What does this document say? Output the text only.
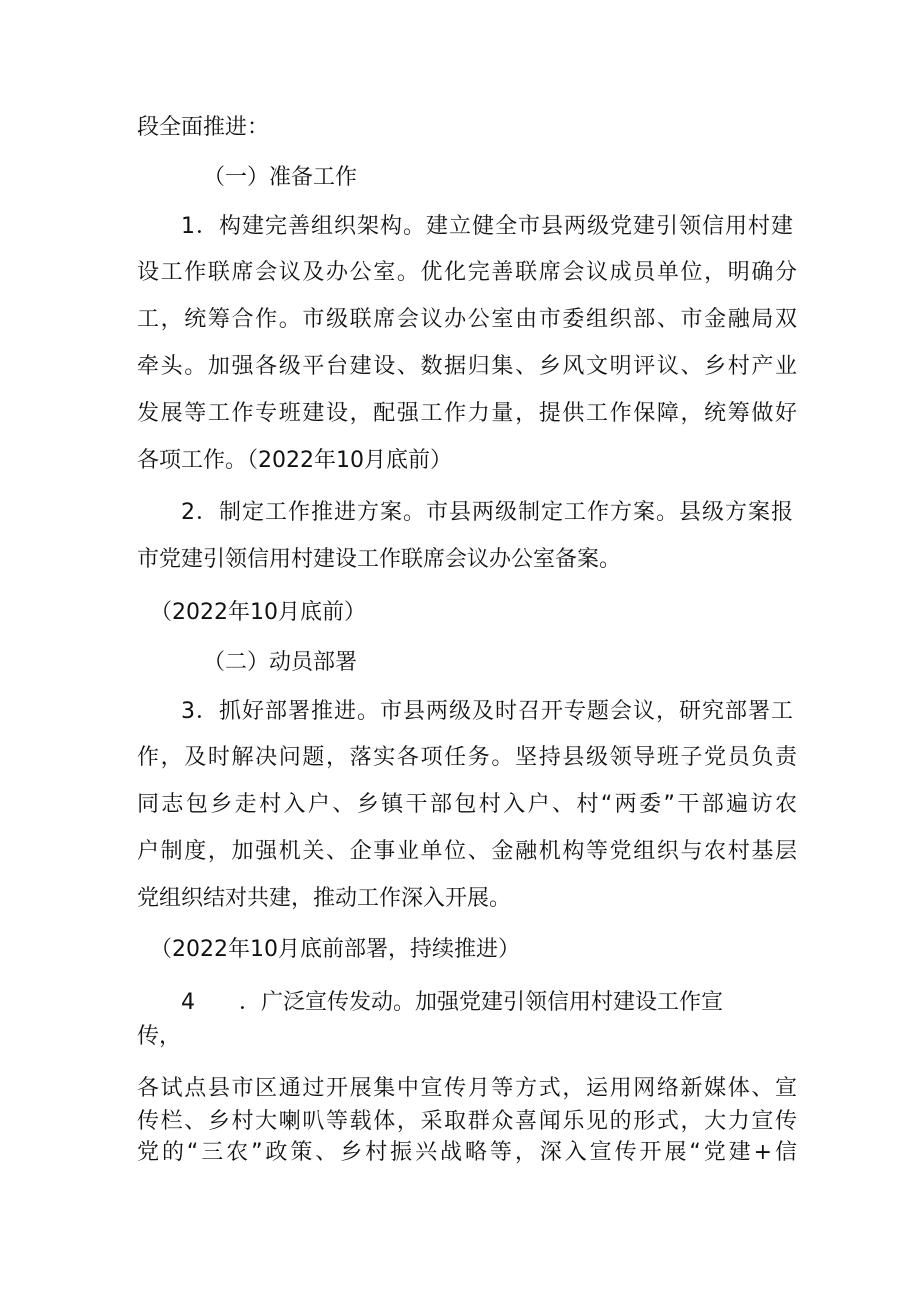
段全面推进：
（一）准备工作
1．构建完善组织架构。建立健全市县两级党建引领信用村建
设工作联席会议及办公室。优化完善联席会议成员单位，明确分
工，统筹合作。市级联席会议办公室由市委组织部、市金融局双
牵头。加强各级平台建设、数据归集、乡风文明评议、乡村产业
发展等工作专班建设，配强工作力量，提供工作保障，统筹做好
各项工作。（2022年10月底前）
2．制定工作推进方案。市县两级制定工作方案。县级方案报
市党建引领信用村建设工作联席会议办公室备案。
（2022年10月底前）
（二）动员部署
3．抓好部署推进。市县两级及时召开专题会议，研究部署工
作，及时解决问题，落实各项任务。坚持县级领导班子党员负责
同志包乡走村入户、乡镇干部包村入户、村“两委”干部遍访农
户制度，加强机关、企事业单位、金融机构等党组织与农村基层
党组织结对共建，推动工作深入开展。
（2022年10月底前部署，持续推进）
4　　．广泛宣传发动。加强党建引领信用村建设工作宣
传，
各试点县市区通过开展集中宣传月等方式，运用网络新媒体、宣
传栏、乡村大喇叭等载体，采取群众喜闻乐见的形式，大力宣传
党的“三农”政策、乡村振兴战略等，深入宣传开展“党建+信
